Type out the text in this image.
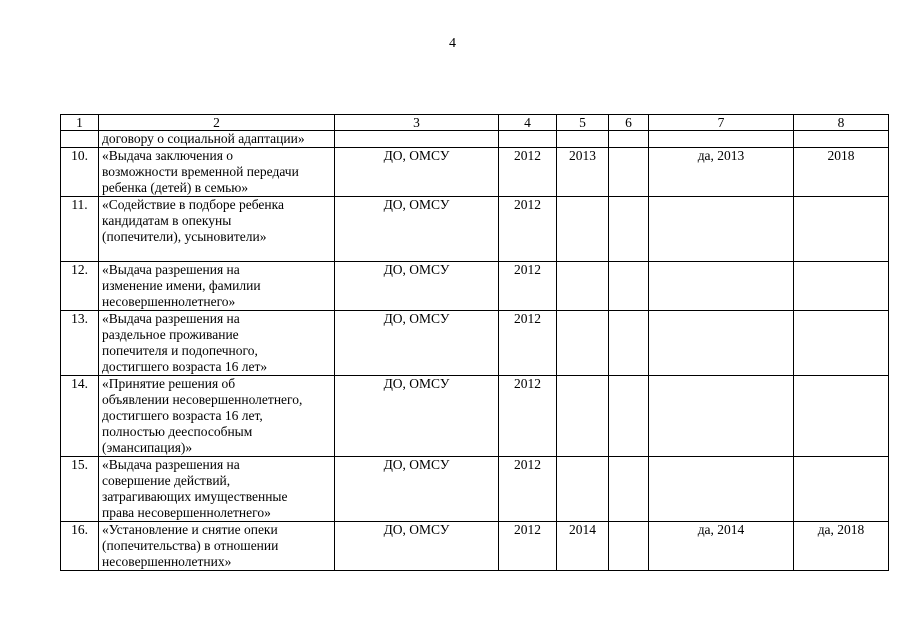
4
1	2	3	4	5	6	7	8

	договору о социальной адаптации»						

10.	«Выдача заключения о
возможности временной передачи
ребенка (детей) в семью»	ДО, ОМСУ	2012	2013		да, 2013	2018
11.	«Содействие в подборе ребенка
кандидатам в опекуны
(попечители), усыновители»	ДО, ОМСУ	2012				
12.	«Выдача разрешения на
изменение имени, фамилии
несовершеннолетнего»	ДО, ОМСУ	2012				
13.	«Выдача разрешения на
раздельное проживание
попечителя и подопечного,
достигшего возраста 16 лет»	ДО, ОМСУ	2012				
14.	«Принятие решения об
объявлении несовершеннолетнего,
достигшего возраста 16 лет,
полностью дееспособным
(эмансипация)»	ДО, ОМСУ	2012				
15.	«Выдача разрешения на
совершение действий,
затрагивающих имущественные
права несовершеннолетнего»	ДО, ОМСУ	2012				
16.	«Установление и снятие опеки
(попечительства) в отношении
несовершеннолетних»	ДО, ОМСУ	2012	2014		да, 2014	да, 2018
